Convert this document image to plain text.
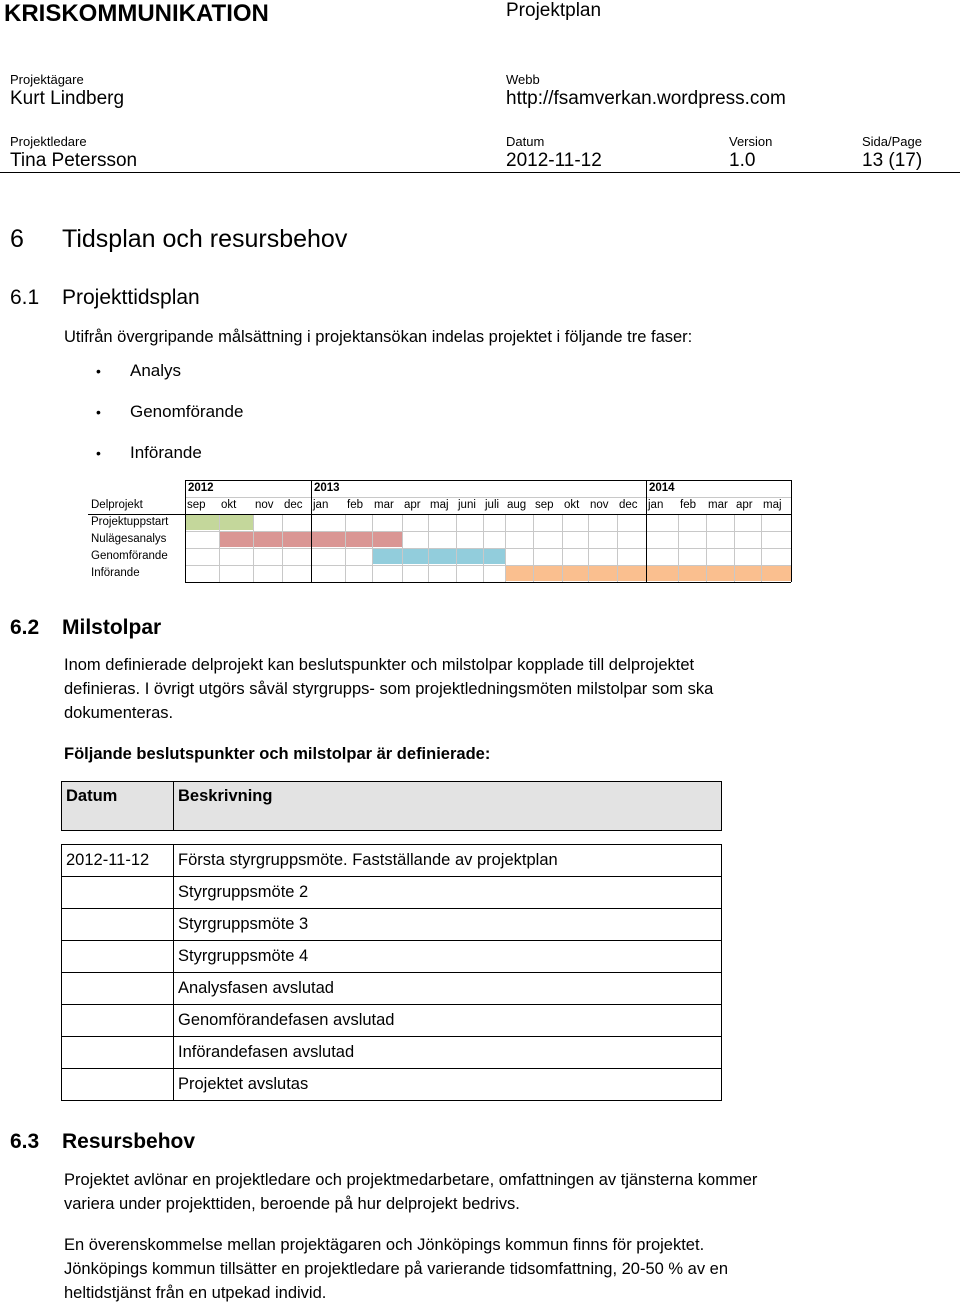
KRISKOMMUNIKATION	Projektplan
Projektägare
Kurt Lindberg
Webb
http://fsamverkan.wordpress.com
Projektledare
Tina Petersson
Datum
2012-11-12
Version
1.0
Sida/Page
13 (17)
6 Tidsplan och resursbehov
6.1 Projekttidsplan
Utifrån övergripande målsättning i projektansökan indelas projektet i följande tre faser:
• Analys
• Genomförande
• Införande
2012	2013	2014
Delprojekt	sep okt nov dec jan feb mar apr maj juni juli aug sep okt nov dec jan feb mar apr maj
Projektuppstart
Nulägesanalys
Genomförande
Införande
6.2 Milstolpar
Inom definierade delprojekt kan beslutspunkter och milstolpar kopplade till delprojektet
definieras. I övrigt utgörs såväl styrgrupps- som projektledningsmöten milstolpar som ska
dokumenteras.
Följande beslutspunkter och milstolpar är definierade:
Datum	Beskrivning

2012-11-12	Första styrgruppsmöte. Fastställande av projektplan
	Styrgruppsmöte 2
	Styrgruppsmöte 3
	Styrgruppsmöte 4
	Analysfasen avslutad
	Genomförandefasen avslutad
	Införandefasen avslutad
	Projektet avslutas
6.3 Resursbehov
Projektet avlönar en projektledare och projektmedarbetare, omfattningen av tjänsterna kommer
variera under projekttiden, beroende på hur delprojekt bedrivs.
En överenskommelse mellan projektägaren och Jönköpings kommun finns för projektet.
Jönköpings kommun tillsätter en projektledare på varierande tidsomfattning, 20-50 % av en
heltidstjänst från en utpekad individ.
